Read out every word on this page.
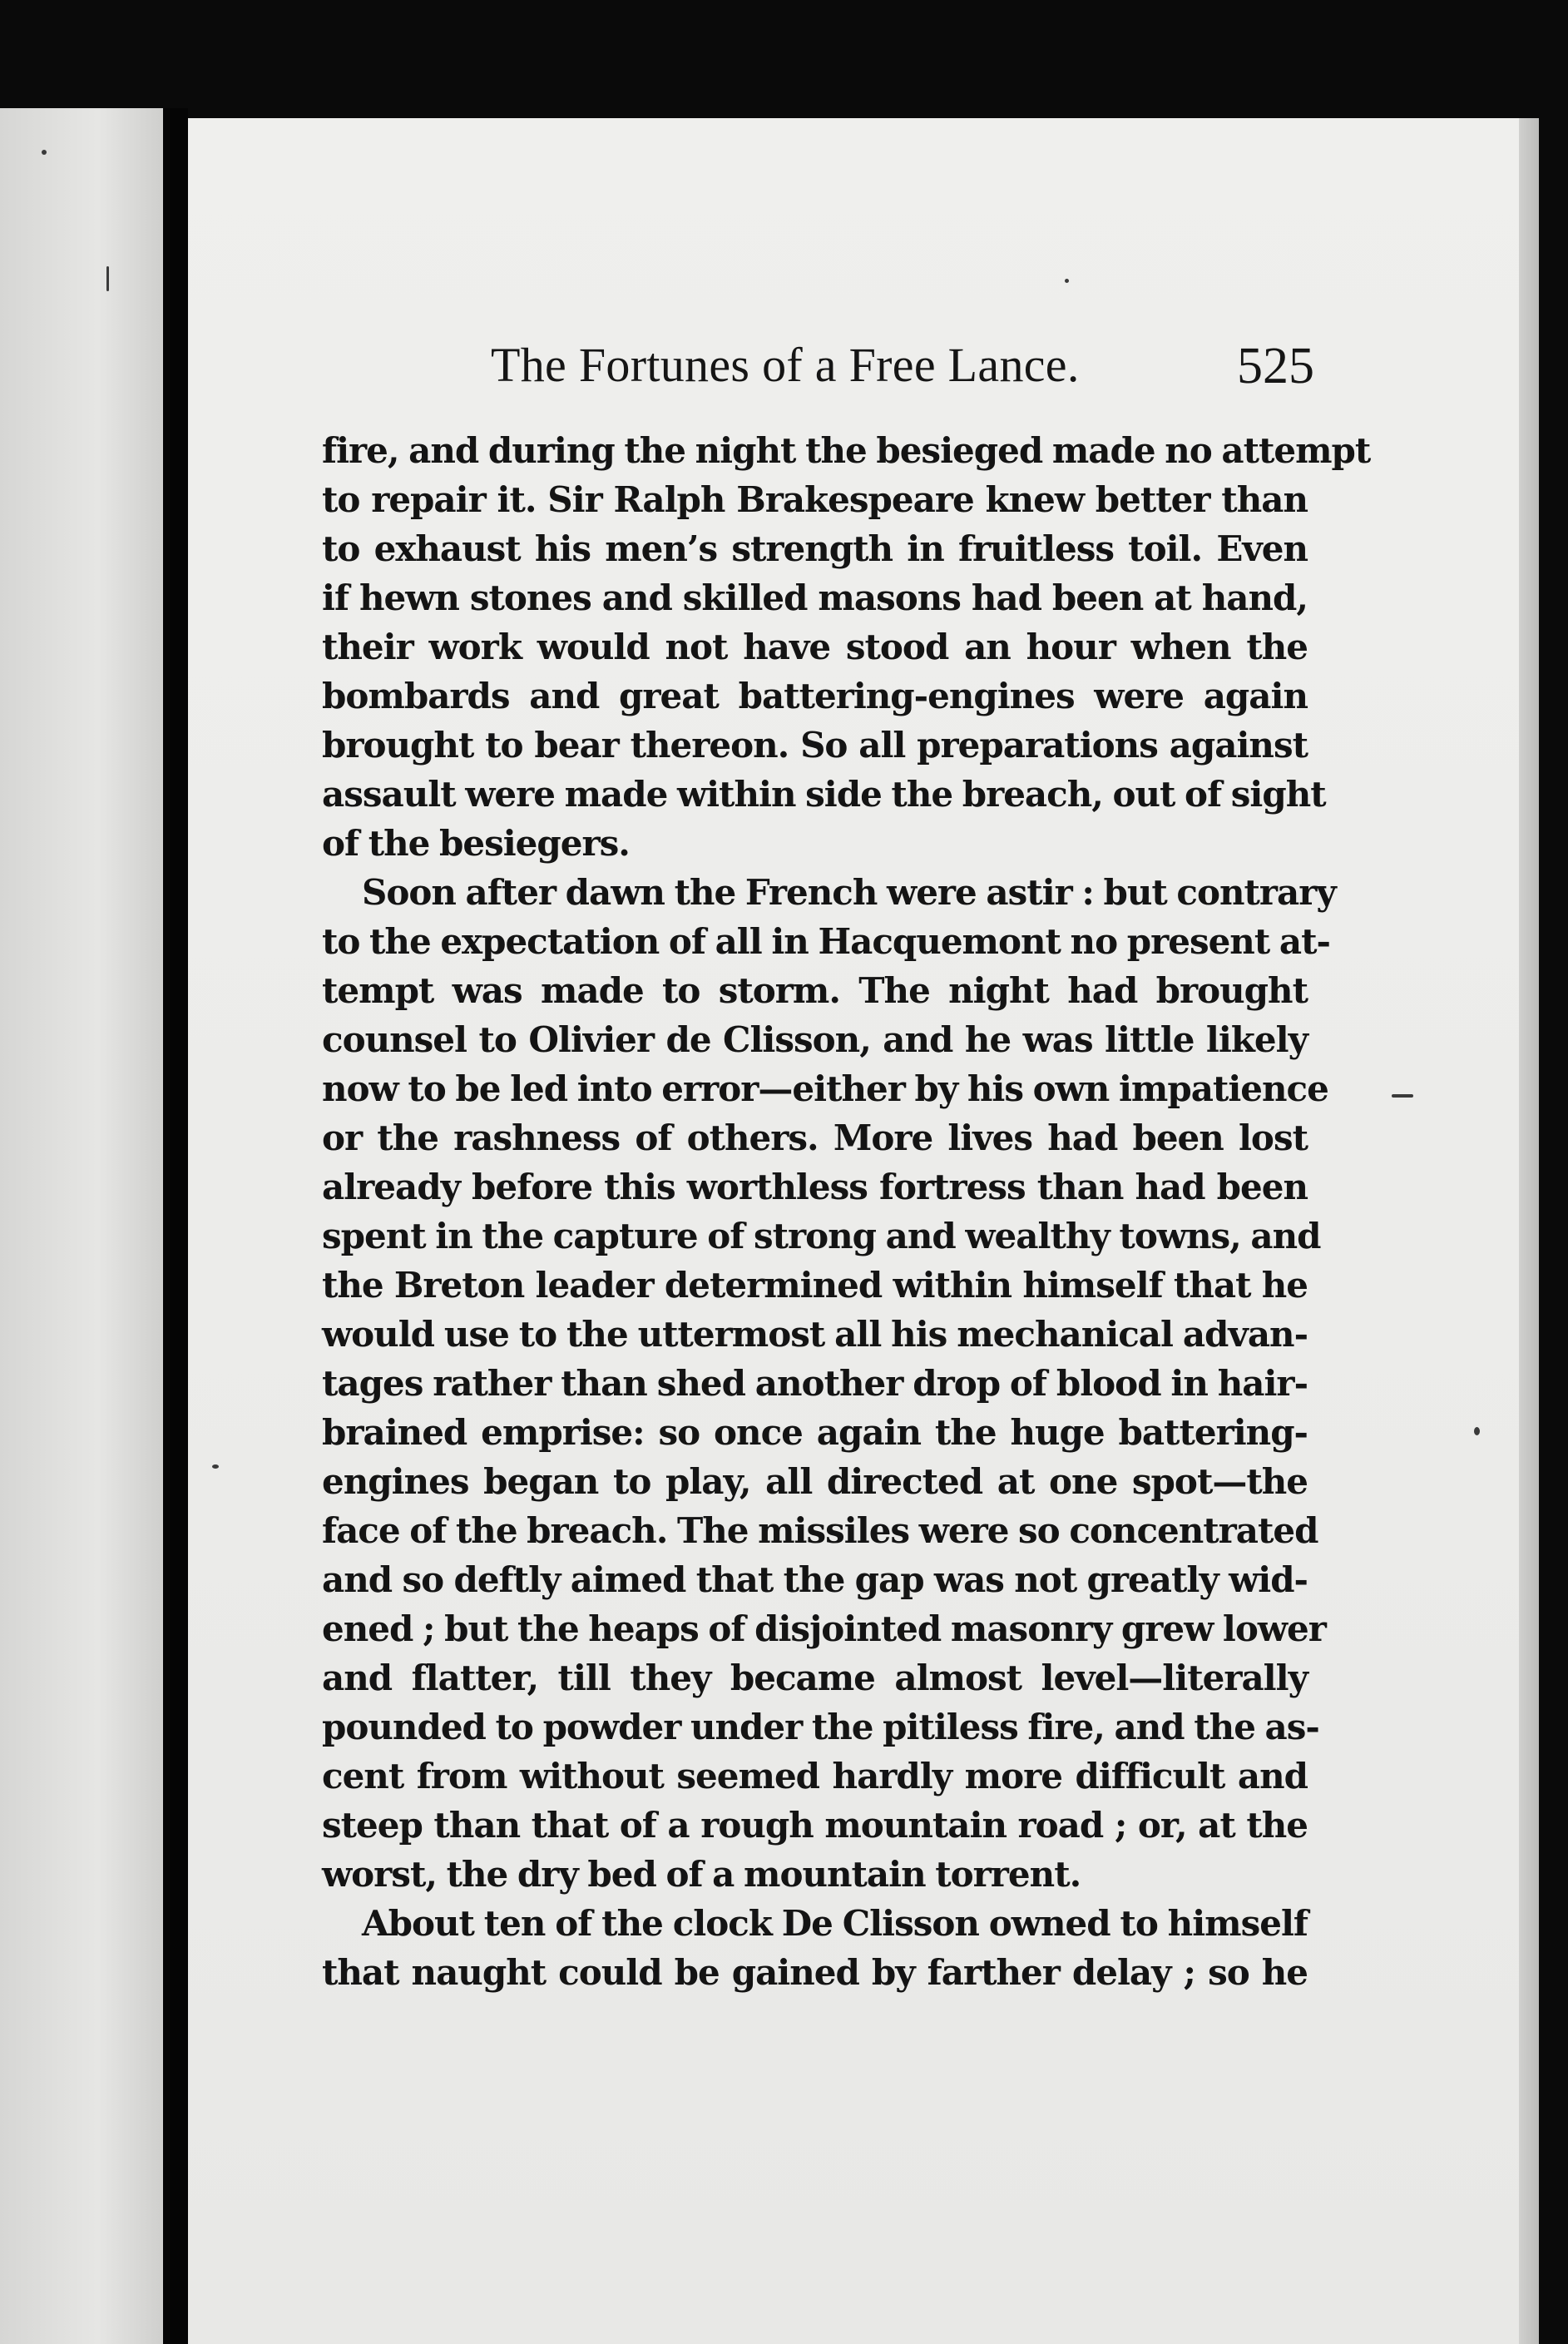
The Fortunes of a Free Lance.	525
fire, and during the night the besieged made no attempt
to repair it. Sir Ralph Brakespeare knew better than
to exhaust his men’s strength in fruitless toil. Even
if hewn stones and skilled masons had been at hand,
their work would not have stood an hour when the
bombards and great battering-engines were again
brought to bear thereon. So all preparations against
assault were made within side the breach, out of sight
of the besiegers.
Soon after dawn the French were astir : but contrary
to the expectation of all in Hacquemont no present at-
tempt was made to storm. The night had brought
counsel to Olivier de Clisson, and he was little likely
now to be led into error—either by his own impatience
or the rashness of others. More lives had been lost
already before this worthless fortress than had been
spent in the capture of strong and wealthy towns, and
the Breton leader determined within himself that he
would use to the uttermost all his mechanical advan-
tages rather than shed another drop of blood in hair-
brained emprise: so once again the huge battering-
engines began to play, all directed at one spot—the
face of the breach. The missiles were so concentrated
and so deftly aimed that the gap was not greatly wid-
ened ; but the heaps of disjointed masonry grew lower
and flatter, till they became almost level—literally
pounded to powder under the pitiless fire, and the as-
cent from without seemed hardly more difficult and
steep than that of a rough mountain road ; or, at the
worst, the dry bed of a mountain torrent.
About ten of the clock De Clisson owned to himself
that naught could be gained by farther delay ; so he
